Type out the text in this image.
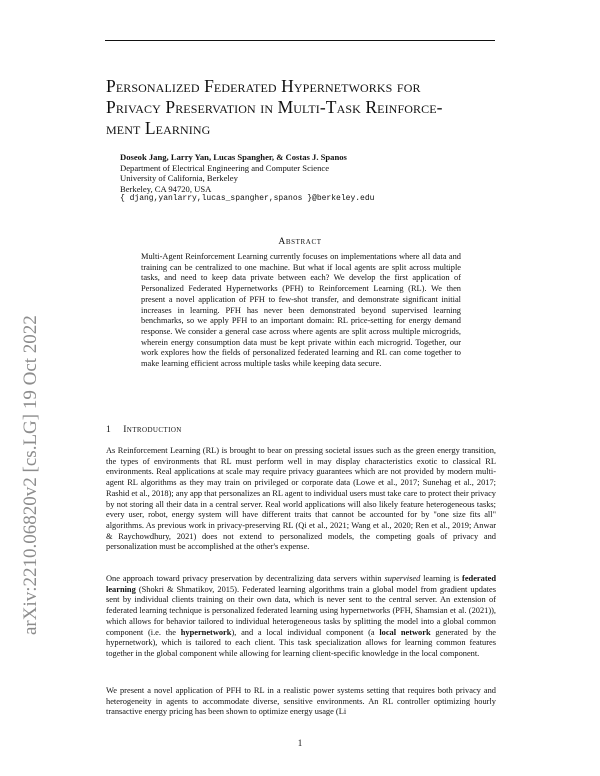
Personalized Federated Hypernetworks for
Privacy Preservation in Multi-Task Reinforce-
ment Learning
Doseok Jang, Larry Yan, Lucas Spangher, & Costas J. Spanos
Department of Electrical Engineering and Computer Science
University of California, Berkeley
Berkeley, CA 94720, USA
{ djang,yanlarry,lucas_spangher,spanos }@berkeley.edu
arXiv:2210.06820v2 [cs.LG] 19 Oct 2022
Abstract
Multi-Agent Reinforcement Learning currently focuses on implementations where all data and training can be centralized to one machine. But what if local agents are split across multiple tasks, and need to keep data private between each? We develop the first application of Personalized Federated Hypernetworks (PFH) to Reinforcement Learning (RL). We then present a novel application of PFH to few-shot transfer, and demonstrate significant initial increases in learning. PFH has never been demonstrated beyond supervised learning benchmarks, so we apply PFH to an important domain: RL price-setting for energy demand response. We consider a general case across where agents are split across multiple microgrids, wherein energy consumption data must be kept private within each microgrid. Together, our work explores how the fields of personalized federated learning and RL can come together to make learning efficient across multiple tasks while keeping data secure.
1 Introduction
As Reinforcement Learning (RL) is brought to bear on pressing societal issues such as the green energy transition, the types of environments that RL must perform well in may display characteristics exotic to classical RL environments. Real applications at scale may require privacy guarantees which are not provided by modern multi-agent RL algorithms as they may train on privileged or corporate data (Lowe et al., 2017; Sunehag et al., 2017; Rashid et al., 2018); any app that personalizes an RL agent to individual users must take care to protect their privacy by not storing all their data in a central server. Real world applications will also likely feature heterogeneous tasks; every user, robot, energy system will have different traits that cannot be accounted for by "one size fits all" algorithms. As previous work in privacy-preserving RL (Qi et al., 2021; Wang et al., 2020; Ren et al., 2019; Anwar & Raychowdhury, 2021) does not extend to personalized models, the competing goals of privacy and personalization must be accomplished at the other's expense.
One approach toward privacy preservation by decentralizing data servers within supervised learning is federated learning (Shokri & Shmatikov, 2015). Federated learning algorithms train a global model from gradient updates sent by individual clients training on their own data, which is never sent to the central server. An extension of federated learning technique is personalized federated learning using hypernetworks (PFH, Shamsian et al. (2021)), which allows for behavior tailored to individual heterogeneous tasks by splitting the model into a global common component (i.e. the hypernetwork), and a local individual component (a local network generated by the hypernetwork), which is tailored to each client. This task specialization allows for learning common features together in the global component while allowing for learning client-specific knowledge in the local component.
We present a novel application of PFH to RL in a realistic power systems setting that requires both privacy and heterogeneity in agents to accommodate diverse, sensitive environments. An RL controller optimizing hourly transactive energy pricing has been shown to optimize energy usage (Li
1
